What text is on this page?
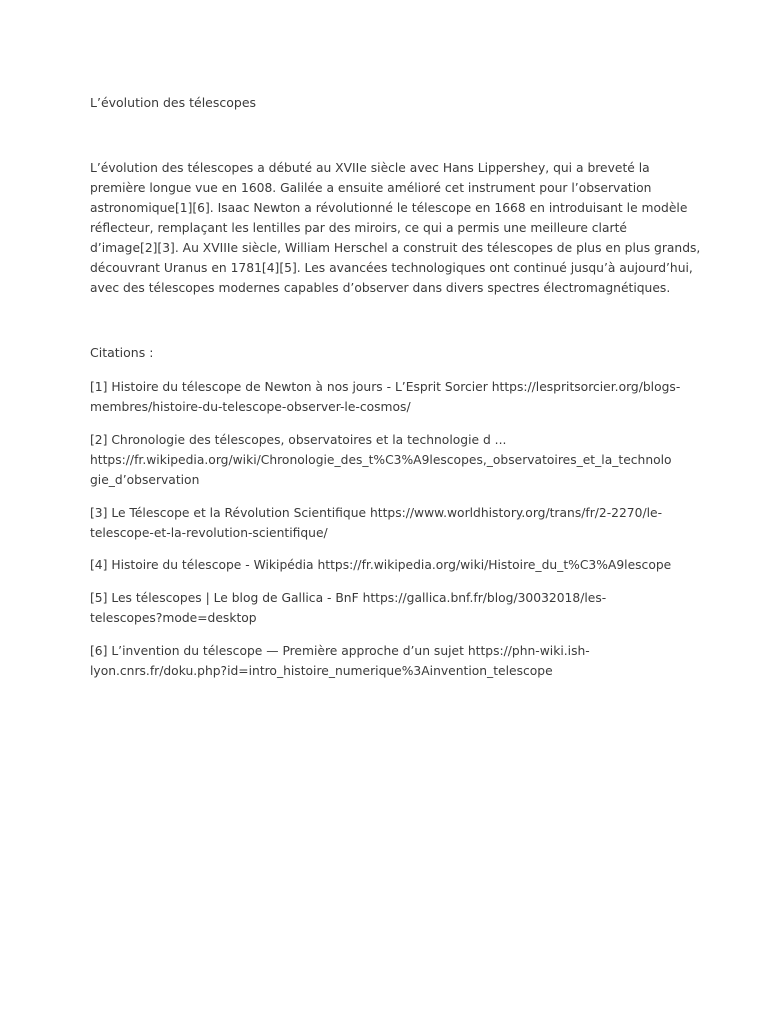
L’évolution des télescopes
L’évolution des télescopes a débuté au XVIIe siècle avec Hans Lippershey, qui a breveté la
première longue vue en 1608. Galilée a ensuite amélioré cet instrument pour l’observation
astronomique[1][6]. Isaac Newton a révolutionné le télescope en 1668 en introduisant le modèle
réflecteur, remplaçant les lentilles par des miroirs, ce qui a permis une meilleure clarté
d’image[2][3]. Au XVIIIe siècle, William Herschel a construit des télescopes de plus en plus grands,
découvrant Uranus en 1781[4][5]. Les avancées technologiques ont continué jusqu’à aujourd’hui,
avec des télescopes modernes capables d’observer dans divers spectres électromagnétiques.
Citations :
[1] Histoire du télescope de Newton à nos jours - L’Esprit Sorcier https://lespritsorcier.org/blogs-
membres/histoire-du-telescope-observer-le-cosmos/
[2] Chronologie des télescopes, observatoires et la technologie d ...
https://fr.wikipedia.org/wiki/Chronologie_des_t%C3%A9lescopes,_observatoires_et_la_technolo
gie_d’observation
[3] Le Télescope et la Révolution Scientifique https://www.worldhistory.org/trans/fr/2-2270/le-
telescope-et-la-revolution-scientifique/
[4] Histoire du télescope - Wikipédia https://fr.wikipedia.org/wiki/Histoire_du_t%C3%A9lescope
[5] Les télescopes | Le blog de Gallica - BnF https://gallica.bnf.fr/blog/30032018/les-
telescopes?mode=desktop
[6] L’invention du télescope — Première approche d’un sujet https://phn-wiki.ish-
lyon.cnrs.fr/doku.php?id=intro_histoire_numerique%3Ainvention_telescope
